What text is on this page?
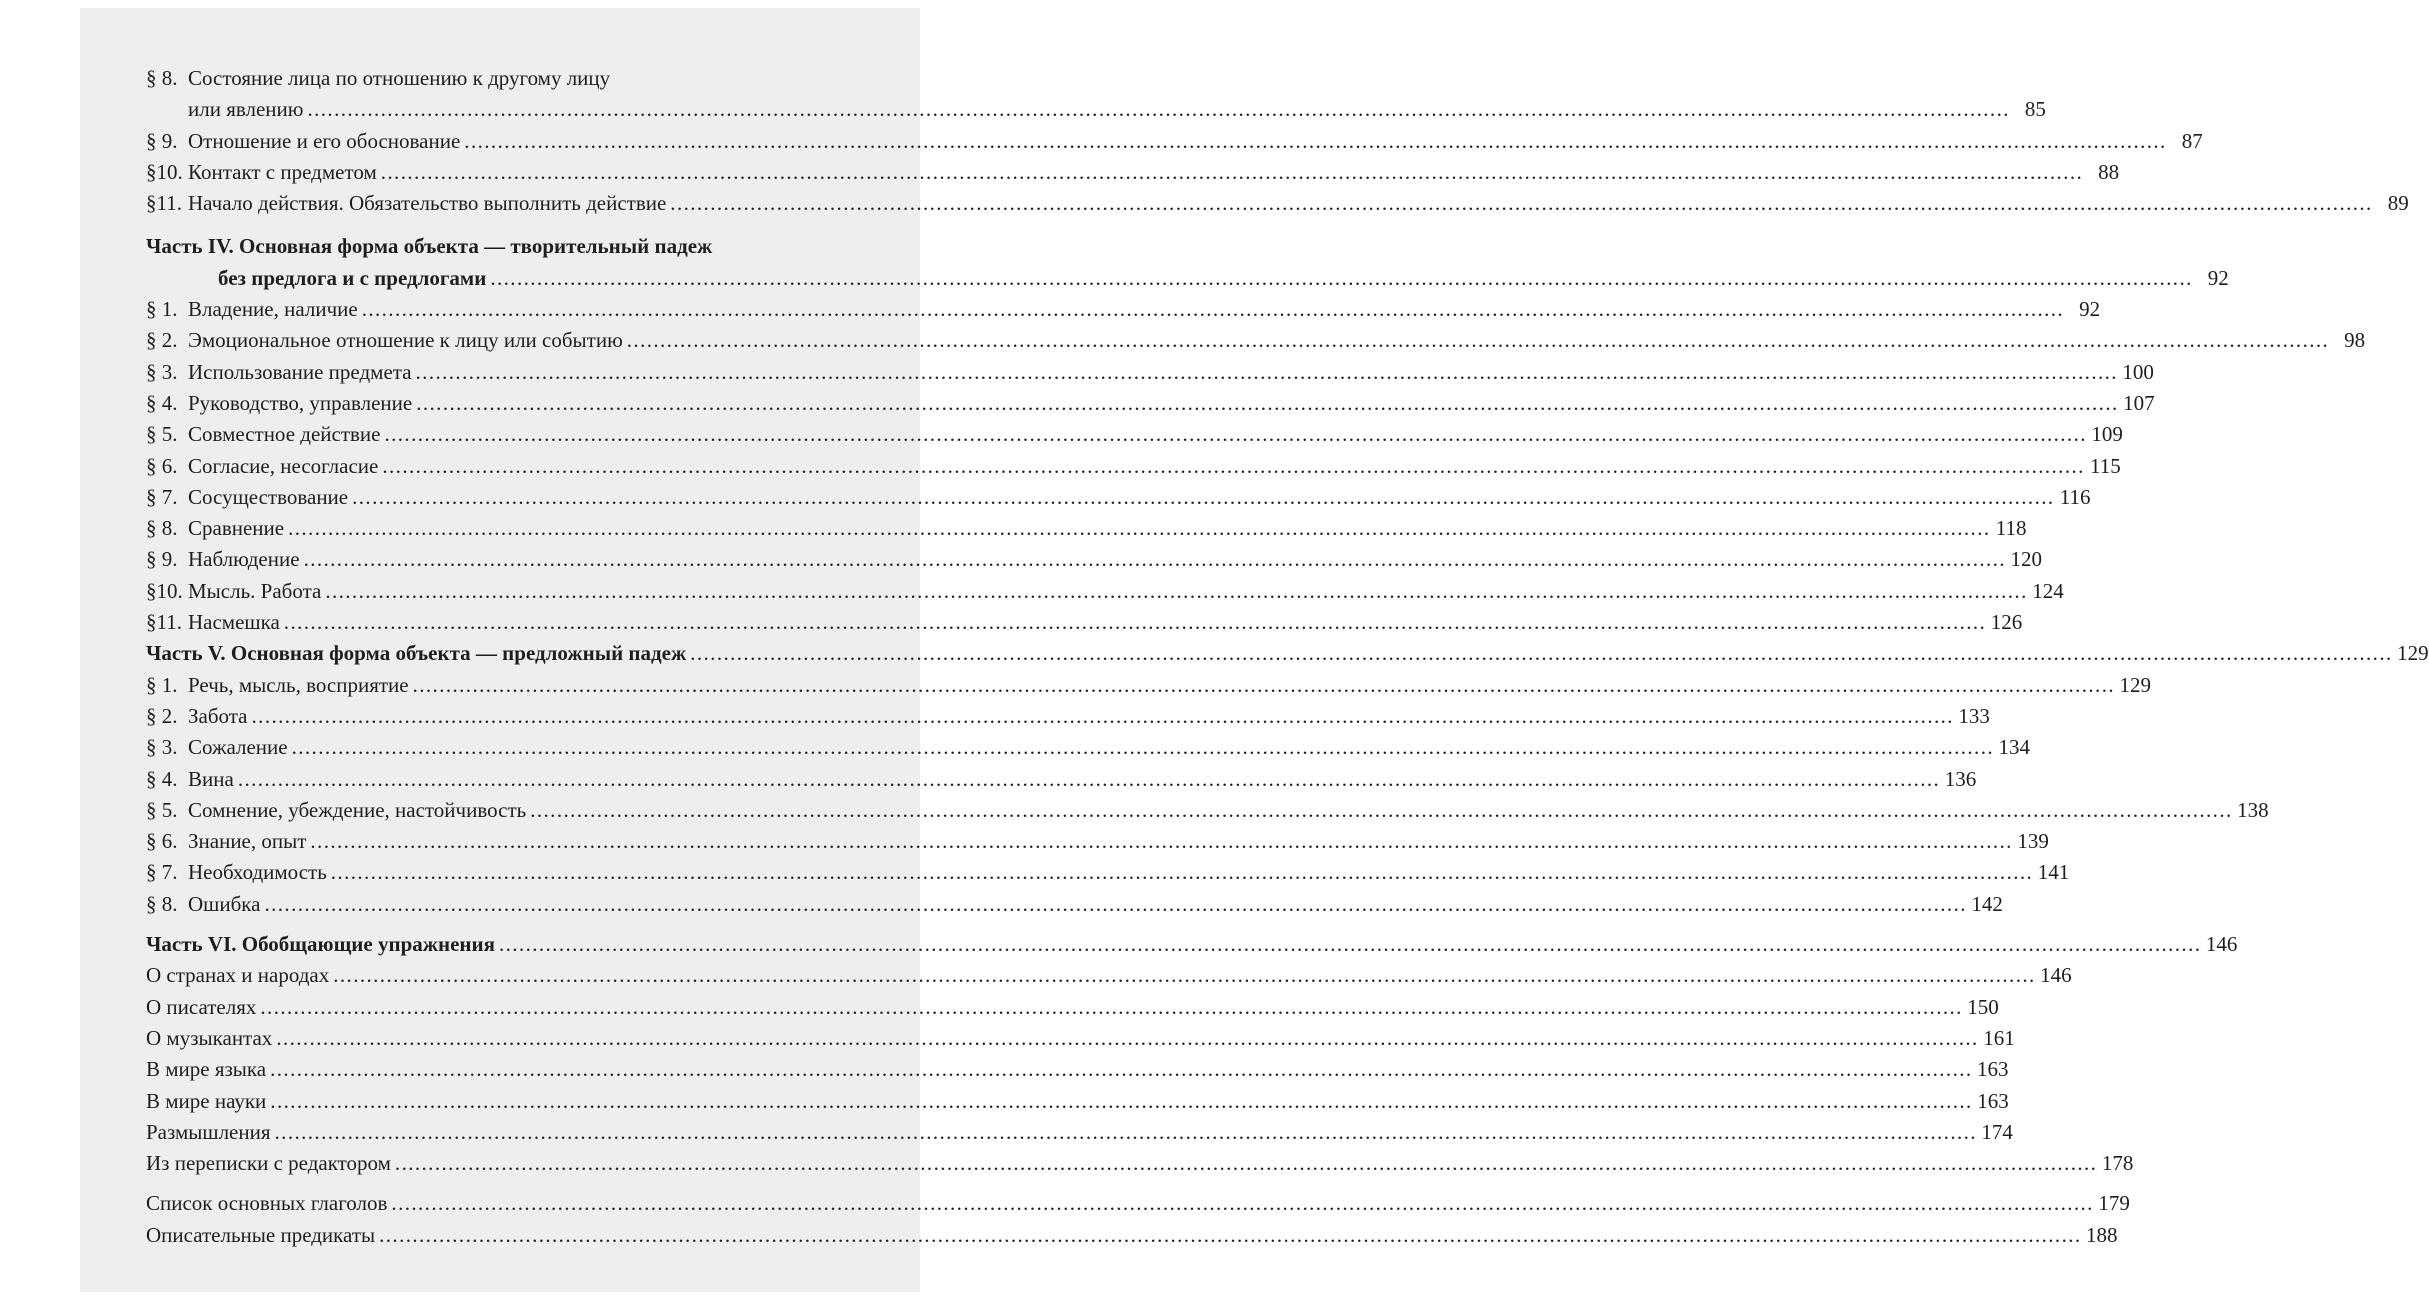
§ 8. Состояние лица по отношению к другому лицу
или явлению .....	85
§ 9. Отношение и его обоснование .....	87
§10. Контакт с предметом .....	88
§11. Начало действия. Обязательство выполнить действие .....	89
Часть IV. Основная форма объекта — творительный падеж
без предлога и с предлогами .....	92
§ 1. Владение, наличие .....	92
§ 2. Эмоциональное отношение к лицу или событию .....	98
§ 3. Использование предмета .....	100
§ 4. Руководство, управление .....	107
§ 5. Совместное действие .....	109
§ 6. Согласие, несогласие .....	115
§ 7. Сосуществование .....	116
§ 8. Сравнение .....	118
§ 9. Наблюдение .....	120
§10. Мысль. Работа .....	124
§11. Насмешка .....	126
Часть V. Основная форма объекта — предложный падеж .....	129
§ 1. Речь, мысль, восприятие .....	129
§ 2. Забота .....	133
§ 3. Сожаление .....	134
§ 4. Вина .....	136
§ 5. Сомнение, убеждение, настойчивость .....	138
§ 6. Знание, опыт .....	139
§ 7. Необходимость .....	141
§ 8. Ошибка .....	142
Часть VI. Обобщающие упражнения .....	146
О странах и народах .....	146
О писателях .....	150
О музыкантах .....	161
В мире языка .....	163
В мире науки .....	163
Размышления .....	174
Из переписки с редактором .....	178
Список основных глаголов .....	179
Описательные предикаты .....	188
